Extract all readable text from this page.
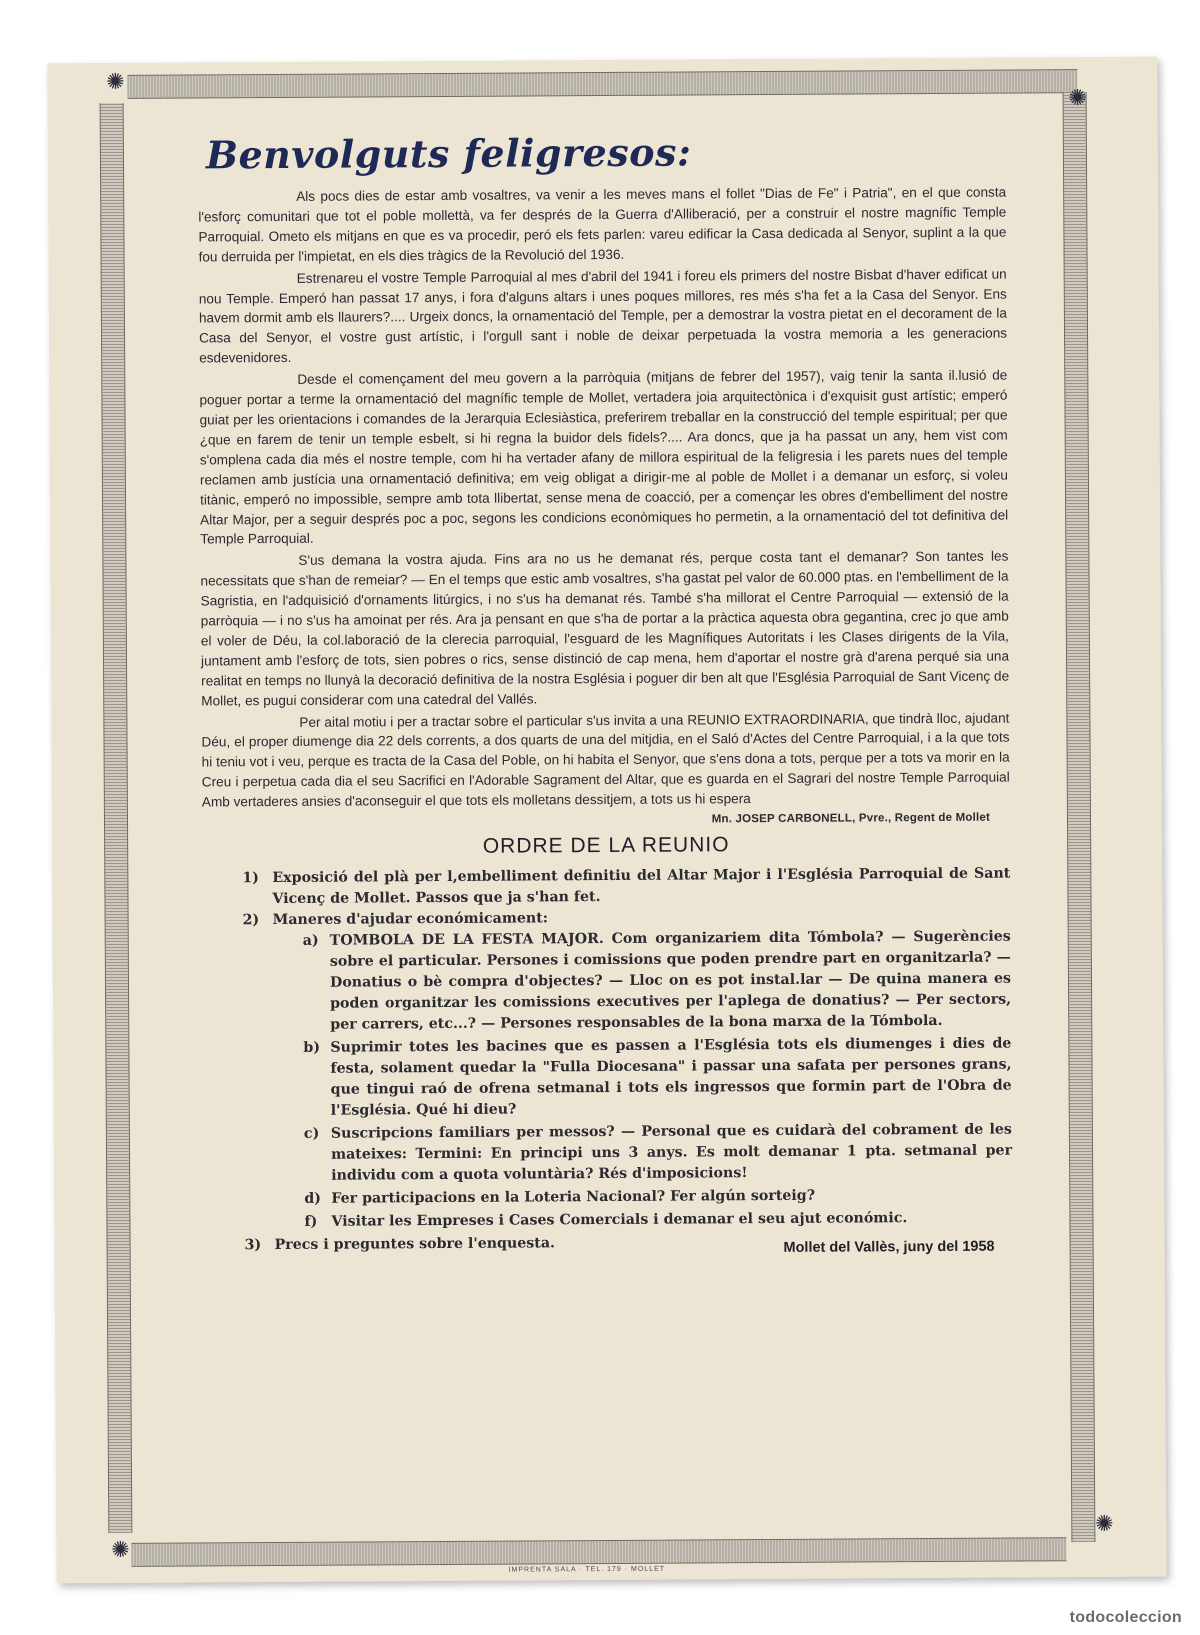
✺
✺
✺
✺
Benvolguts feligresos:

Als pocs dies de estar amb vosaltres, va venir a les meves mans el follet "Dias de Fe" i Patria", en el que consta l'esforç comunitari que tot el poble mollettà, va fer després de la Guerra d'Alliberació, per a construir el nostre magnífic Temple Parroquial. Ometo els mitjans en que es va procedir, peró els fets parlen: vareu edificar la Casa dedicada al Senyor, suplint a la que fou derruida per l'impietat, en els dies tràgics de la Revolució del 1936.

Estrenareu el vostre Temple Parroquial al mes d'abril del 1941 i foreu els primers del nostre Bisbat d'haver edificat un nou Temple. Emperó han passat 17 anys, i fora d'alguns altars i unes poques millores, res més s'ha fet a la Casa del Senyor. Ens havem dormit amb els llaurers?.... Urgeix doncs, la ornamentació del Temple, per a demostrar la vostra pietat en el decorament de la Casa del Senyor, el vostre gust artístic, i l'orgull sant i noble de deixar perpetuada la vostra memoria a les generacions esdevenidores.

Desde el començament del meu govern a la parròquia (mitjans de febrer del 1957), vaig tenir la santa il.lusió de poguer portar a terme la ornamentació del magnífic temple de Mollet, vertadera joia arquitectònica i d'exquisit gust artístic; emperó guiat per les orientacions i comandes de la Jerarquia Eclesiàstica, preferirem treballar en la construcció del temple espiritual; per que ¿que en farem de tenir un temple esbelt, si hi regna la buidor dels fidels?.... Ara doncs, que ja ha passat un any, hem vist com s'omplena cada dia més el nostre temple, com hi ha vertader afany de millora espiritual de la feligresia i les parets nues del temple reclamen amb justícia una ornamentació definitiva; em veig obligat a dirigir-me al poble de Mollet i a demanar un esforç, si voleu titànic, emperó no impossible, sempre amb tota llibertat, sense mena de coacció, per a començar les obres d'embelliment del nostre Altar Major, per a seguir després poc a poc, segons les condicions econòmiques ho permetin, a la ornamentació del tot definitiva del Temple Parroquial.

S'us demana la vostra ajuda. Fins ara no us he demanat rés, perque costa tant el demanar? Son tantes les necessitats que s'han de remeiar? — En el temps que estic amb vosaltres, s'ha gastat pel valor de 60.000 ptas. en l'embelliment de la Sagristia, en l'adquisició d'ornaments litúrgics, i no s'us ha demanat rés. També s'ha millorat el Centre Parroquial — extensió de la parròquia — i no s'us ha amoinat per rés. Ara ja pensant en que s'ha de portar a la pràctica aquesta obra gegantina, crec jo que amb el voler de Déu, la col.laboració de la clerecia parroquial, l'esguard de les Magnífiques Autoritats i les Clases dirigents de la Vila, juntament amb l'esforç de tots, sien pobres o rics, sense distinció de cap mena, hem d'aportar el nostre grà d'arena perqué sia una realitat en temps no llunyà la decoració definitiva de la nostra Església i poguer dir ben alt que l'Església Parroquial de Sant Vicenç de Mollet, es pugui considerar com una catedral del Vallés.

Per aital motiu i per a tractar sobre el particular s'us invita a una REUNIO EXTRAORDINARIA, que tindrà lloc, ajudant Déu, el proper diumenge dia 22 dels corrents, a dos quarts de una del mitjdia, en el Saló d'Actes del Centre Parroquial, i a la que tots hi teniu vot i veu, perque es tracta de la Casa del Poble, on hi habita el Senyor, que s'ens dona a tots, perque per a tots va morir en la Creu i perpetua cada dia el seu Sacrifici en l'Adorable Sagrament del Altar, que es guarda en el Sagrari del nostre Temple Parroquial Amb vertaderes ansies d'aconseguir el que tots els molletans dessitjem, a tots us hi espera

Mn. JOSEP CARBONELL, Pvre., Regent de Mollet
ORDRE DE LA REUNIO

1) Exposició del plà per l,embelliment definitiu del Altar Major i l'Església Parroquial de Sant Vicenç de Mollet. Passos que ja s'han fet.

2) Maneres d'ajudar económicament:

a) TOMBOLA DE LA FESTA MAJOR. Com organizariem dita Tómbola? — Sugerències sobre el particular. Persones i comissions que poden prendre part en organitzarla? — Donatius o bè compra d'objectes? — Lloc on es pot instal.lar — De quina manera es poden organitzar les comissions executives per l'aplega de donatius? — Per sectors, per carrers, etc...? — Persones responsables de la bona marxa de la Tómbola.

b) Suprimir totes les bacines que es passen a l'Església tots els diumenges i dies de festa, solament quedar la "Fulla Diocesana" i passar una safata per persones grans, que tingui raó de ofrena setmanal i tots els ingressos que formin part de l'Obra de l'Església. Qué hi dieu?

c) Suscripcions familiars per messos? — Personal que es cuidarà del cobrament de les mateixes: Termini: En principi uns 3 anys. Es molt demanar 1 pta. setmanal per individu com a quota voluntària? Rés d'imposicions!

d) Fer participacions en la Loteria Nacional? Fer algún sorteig?

f) Visitar les Empreses i Cases Comercials i demanar el seu ajut económic.

3) Precs i preguntes sobre l'enquesta.	Mollet del Vallès, juny del 1958
IMPRENTA SALA · TEL. 179 · MOLLET
todocoleccion
